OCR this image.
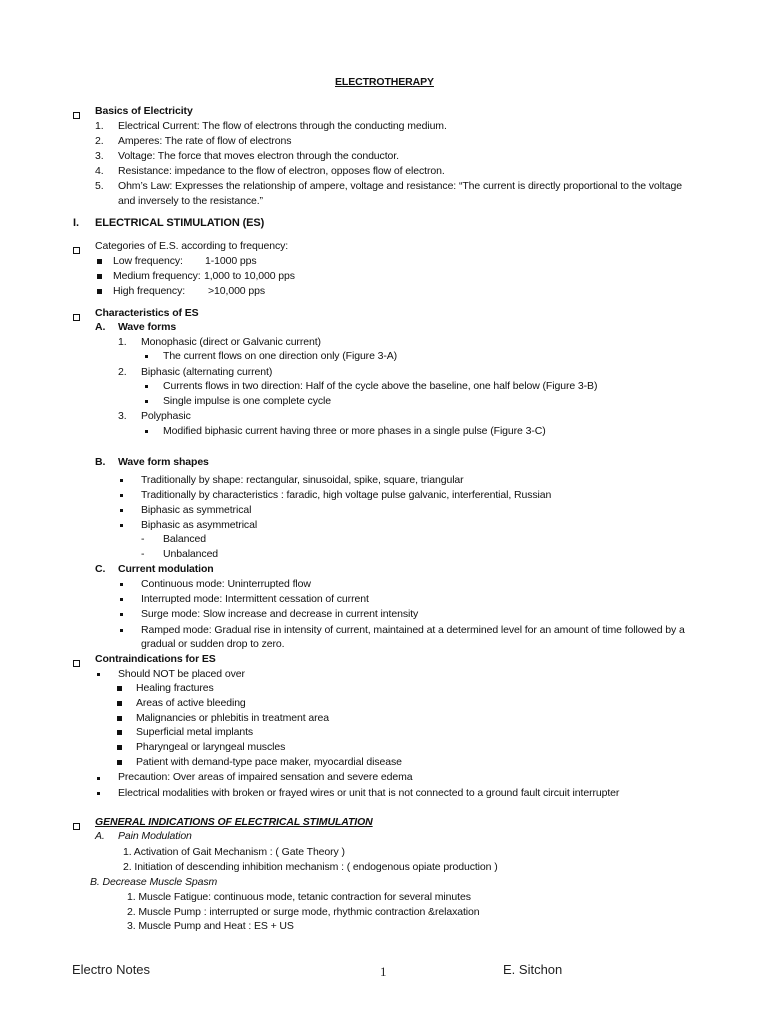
ELECTROTHERAPY
Basics of Electricity
1. Electrical Current: The flow of electrons through the conducting medium.
2. Amperes: The rate of flow of electrons
3. Voltage: The force that moves electron through the conductor.
4. Resistance: impedance to the flow of electron, opposes flow of electron.
5. Ohm’s Law: Expresses the relationship of ampere, voltage and resistance: “The current is directly proportional to the voltage
and inversely to the resistance.”
I. ELECTRICAL STIMULATION (ES)
Categories of E.S. according to frequency:
Low frequency: 1-1000 pps
Medium frequency: 1,000 to 10,000 pps
High frequency: >10,000 pps
Characteristics of ES
A. Wave forms
1. Monophasic (direct or Galvanic current)
The current flows on one direction only (Figure 3-A)
2. Biphasic (alternating current)
Currents flows in two direction: Half of the cycle above the baseline, one half below (Figure 3-B)
Single impulse is one complete cycle
3. Polyphasic
Modified biphasic current having three or more phases in a single pulse (Figure 3-C)
B. Wave form shapes
Traditionally by shape: rectangular, sinusoidal, spike, square, triangular
Traditionally by characteristics : faradic, high voltage pulse galvanic, interferential, Russian
Biphasic as symmetrical
Biphasic as asymmetrical
- Balanced
- Unbalanced
C. Current modulation
Continuous mode: Uninterrupted flow
Interrupted mode: Intermittent cessation of current
Surge mode: Slow increase and decrease in current intensity
Ramped mode: Gradual rise in intensity of current, maintained at a determined level for an amount of time followed by a
gradual or sudden drop to zero.
Contraindications for ES
Should NOT be placed over
Healing fractures
Areas of active bleeding
Malignancies or phlebitis in treatment area
Superficial metal implants
Pharyngeal or laryngeal muscles
Patient with demand-type pace maker, myocardial disease
Precaution: Over areas of impaired sensation and severe edema
Electrical modalities with broken or frayed wires or unit that is not connected to a ground fault circuit interrupter
GENERAL INDICATIONS OF ELECTRICAL STIMULATION
A. Pain Modulation
1. Activation of Gait Mechanism : ( Gate Theory )
2. Initiation of descending inhibition mechanism : ( endogenous opiate production )
B. Decrease Muscle Spasm
1. Muscle Fatigue: continuous mode, tetanic contraction for several minutes
2. Muscle Pump : interrupted or surge mode, rhythmic contraction &relaxation
3. Muscle Pump and Heat : ES + US
Electro Notes	1	E. Sitchon
